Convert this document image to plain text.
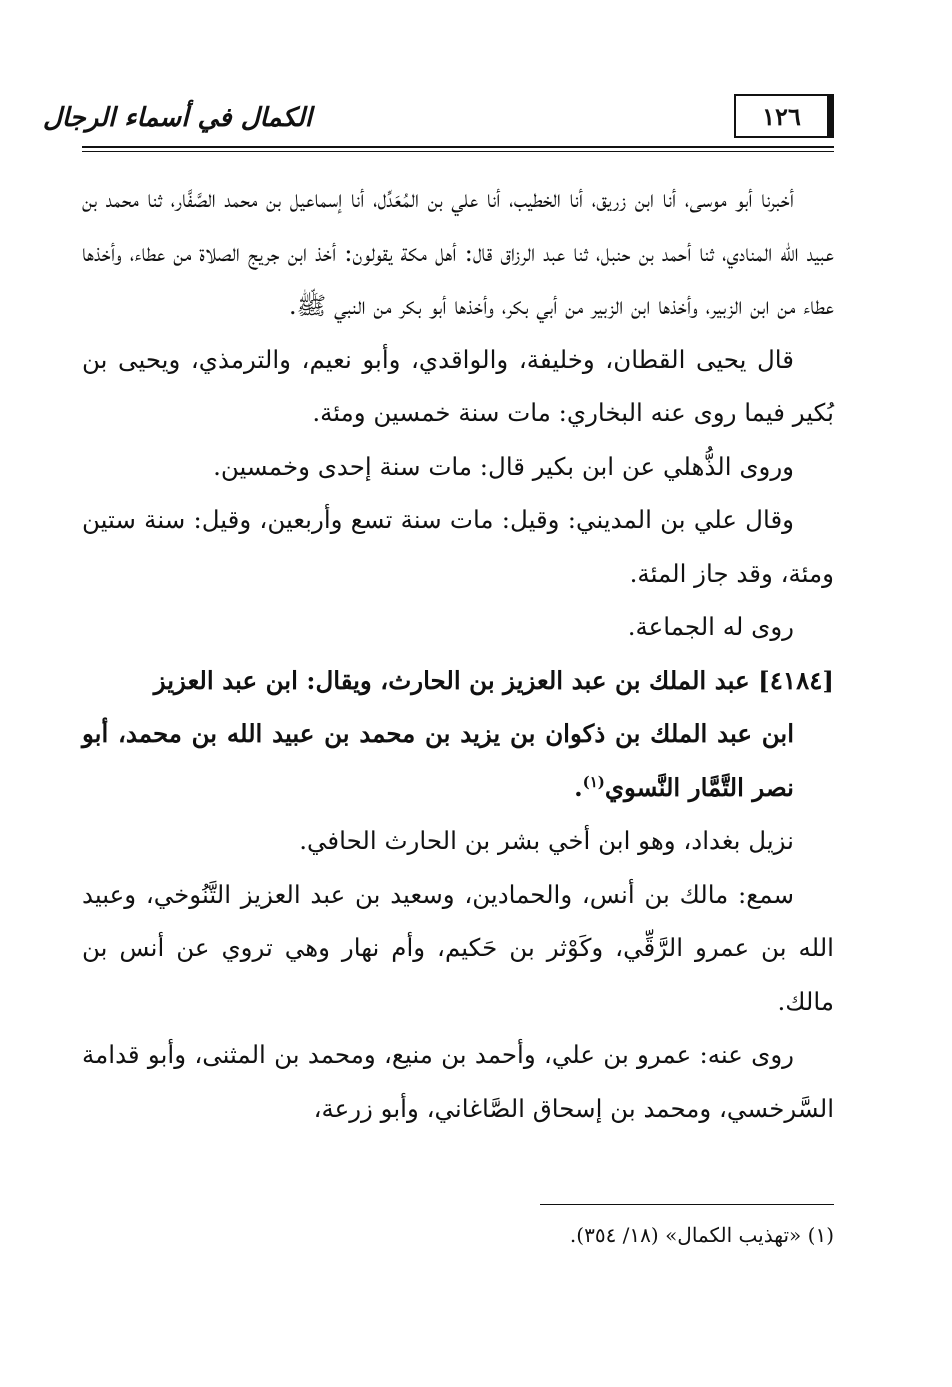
١٢٦
الكمال في أسماء الرجال

أخبرنا أبو موسى، أنا ابن زريق، أنا الخطيب، أنا علي بن المُعَدِّل، أنا إسماعيل بن محمد الصَّفَّار، ثنا محمد بن عبيد الله المنادي، ثنا أحمد بن حنبل، ثنا عبد الرزاق قال: أهل مكة يقولون: أخذ ابن جريج الصلاة من عطاء، وأخذها عطاء من ابن الزبير، وأخذها ابن الزبير من أبي بكر، وأخذها أبو بكر من النبي ﷺ.

قال يحيى القطان، وخليفة، والواقدي، وأبو نعيم، والترمذي، ويحيى بن بُكير فيما روى عنه البخاري: مات سنة خمسين ومئة.

وروى الذُّهلي عن ابن بكير قال: مات سنة إحدى وخمسين.

وقال علي بن المديني: وقيل: مات سنة تسع وأربعين، وقيل: سنة ستين ومئة، وقد جاز المئة.

روى له الجماعة.

[٤١٨٤] عبد الملك بن عبد العزيز بن الحارث، ويقال: ابن عبد العزيز

ابن عبد الملك بن ذكوان بن يزيد بن محمد بن عبيد الله بن محمد، أبو نصر التَّمَّار النَّسوي$^{(١)}$.

نزيل بغداد، وهو ابن أخي بشر بن الحارث الحافي.

سمع: مالك بن أنس، والحمادين، وسعيد بن عبد العزيز التَّنُوخي، وعبيد الله بن عمرو الرَّقِّي، وكَوْثر بن حَكيم، وأم نهار وهي تروي عن أنس بن مالك.

روى عنه: عمرو بن علي، وأحمد بن منيع، ومحمد بن المثنى، وأبو قدامة السَّرخسي، ومحمد بن إسحاق الصَّاغاني، وأبو زرعة،

(١) «تهذيب الكمال» (١٨/ ٣٥٤).
